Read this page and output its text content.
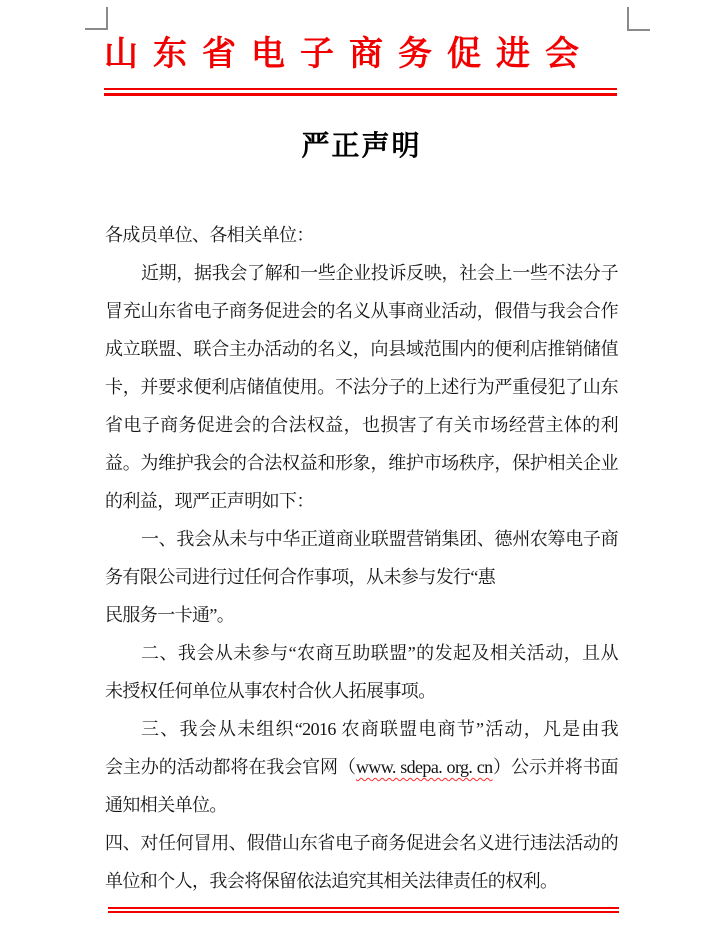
山东省电子商务促进会
严正声明
各成员单位、各相关单位：
近期，据我会了解和一些企业投诉反映，社会上一些不法分子
冒充山东省电子商务促进会的名义从事商业活动，假借与我会合作
成立联盟、联合主办活动的名义，向县域范围内的便利店推销储值
卡，并要求便利店储值使用。不法分子的上述行为严重侵犯了山东
省电子商务促进会的合法权益，也损害了有关市场经营主体的利
益。为维护我会的合法权益和形象，维护市场秩序，保护相关企业
的利益，现严正声明如下：
一、我会从未与中华正道商业联盟营销集团、德州农筹电子商
务有限公司进行过任何合作事项，从未参与发行“惠
民服务一卡通”。
二、我会从未参与“农商互助联盟”的发起及相关活动，且从
未授权任何单位从事农村合伙人拓展事项。
三、我会从未组织“2016 农商联盟电商节”活动，凡是由我
会主办的活动都将在我会官网（www. sdepa. org. cn）公示并将书面
通知相关单位。
四、对任何冒用、假借山东省电子商务促进会名义进行违法活动的
单位和个人，我会将保留依法追究其相关法律责任的权利。
